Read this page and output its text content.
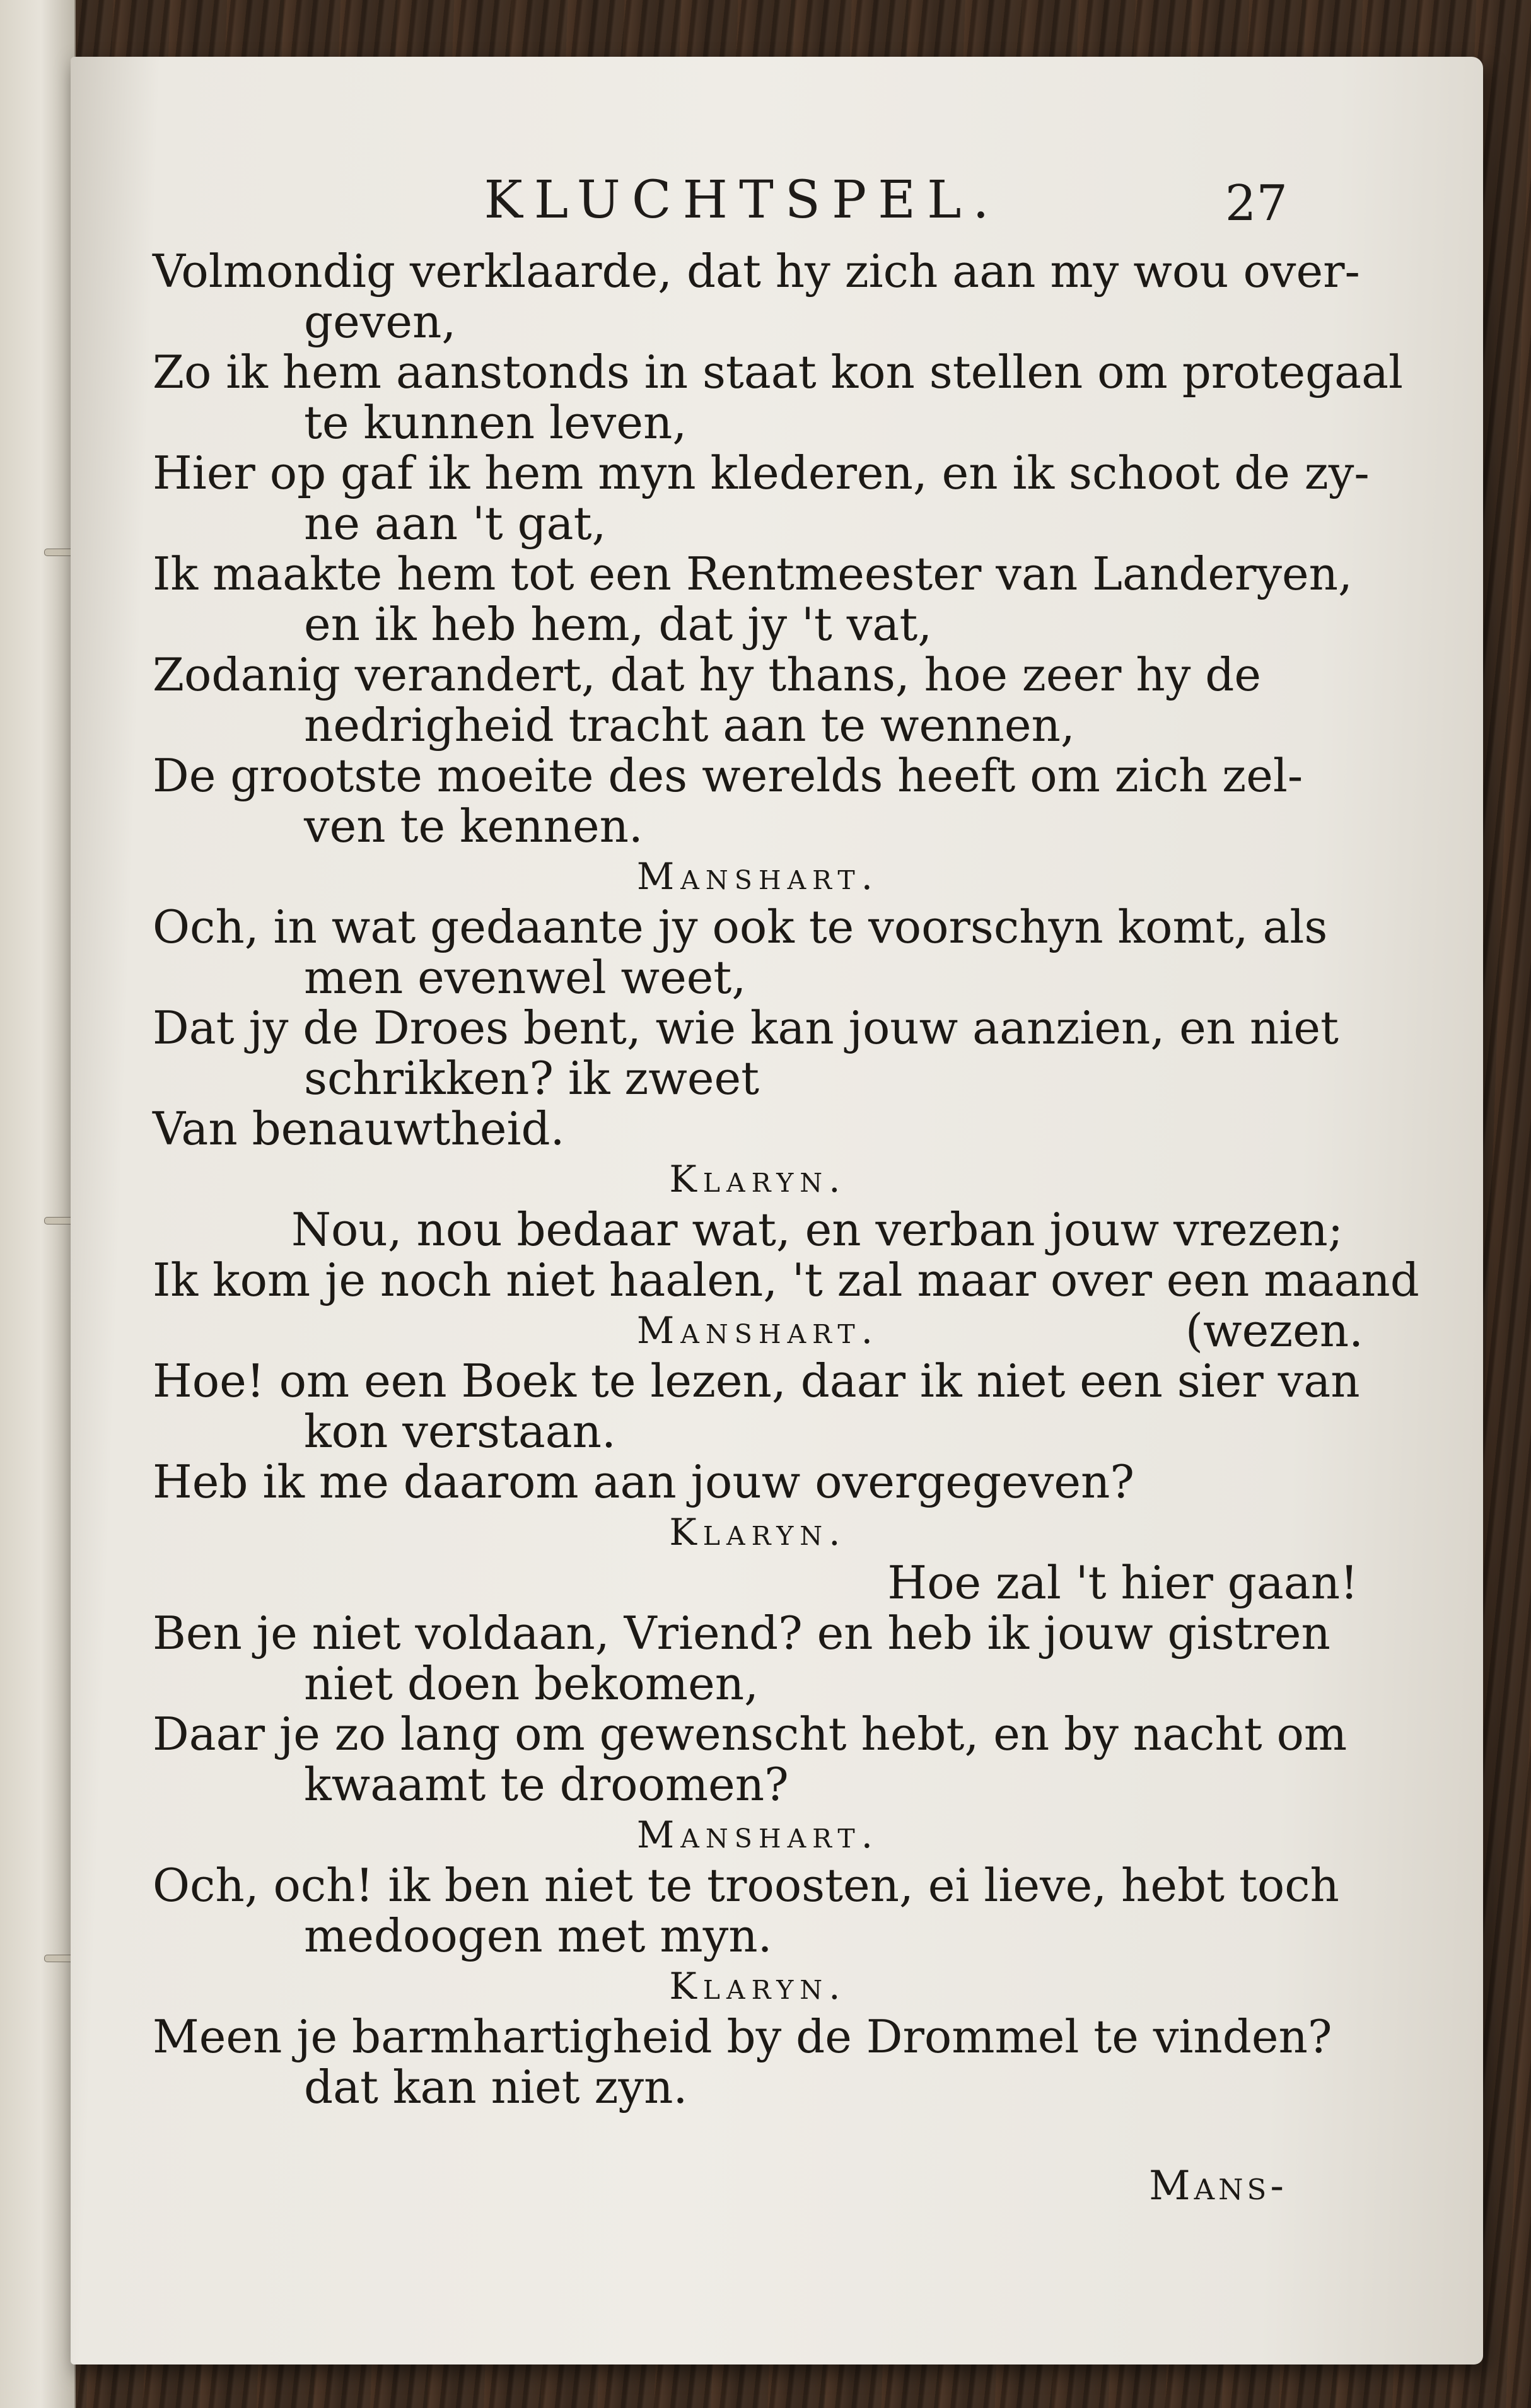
KLUCHTSPEL.	27
Volmondig verklaarde, dat hy zich aan my wou over-
geven,
Zo ik hem aanstonds in staat kon stellen om protegaal
te kunnen leven,
Hier op gaf ik hem myn klederen, en ik schoot de zy-
ne aan 't gat,
Ik maakte hem tot een Rentmeester van Landeryen,
en ik heb hem, dat jy 't vat,
Zodanig verandert, dat hy thans, hoe zeer hy de
nedrigheid tracht aan te wennen,
De grootste moeite des werelds heeft om zich zel-
ven te kennen.
Manshart.
Och, in wat gedaante jy ook te voorschyn komt, als
men evenwel weet,
Dat jy de Droes bent, wie kan jouw aanzien, en niet
schrikken? ik zweet
Van benauwtheid.
Klaryn.
Nou, nou bedaar wat, en verban jouw vrezen;
Ik kom je noch niet haalen, 't zal maar over een maand
Manshart.	(wezen.
Hoe! om een Boek te lezen, daar ik niet een sier van
kon verstaan.
Heb ik me daarom aan jouw overgegeven?
Klaryn.
Hoe zal 't hier gaan!
Ben je niet voldaan, Vriend? en heb ik jouw gistren
niet doen bekomen,
Daar je zo lang om gewenscht hebt, en by nacht om
kwaamt te droomen?
Manshart.
Och, och! ik ben niet te troosten, ei lieve, hebt toch
medoogen met myn.
Klaryn.
Meen je barmhartigheid by de Drommel te vinden?
dat kan niet zyn.
Mans-
